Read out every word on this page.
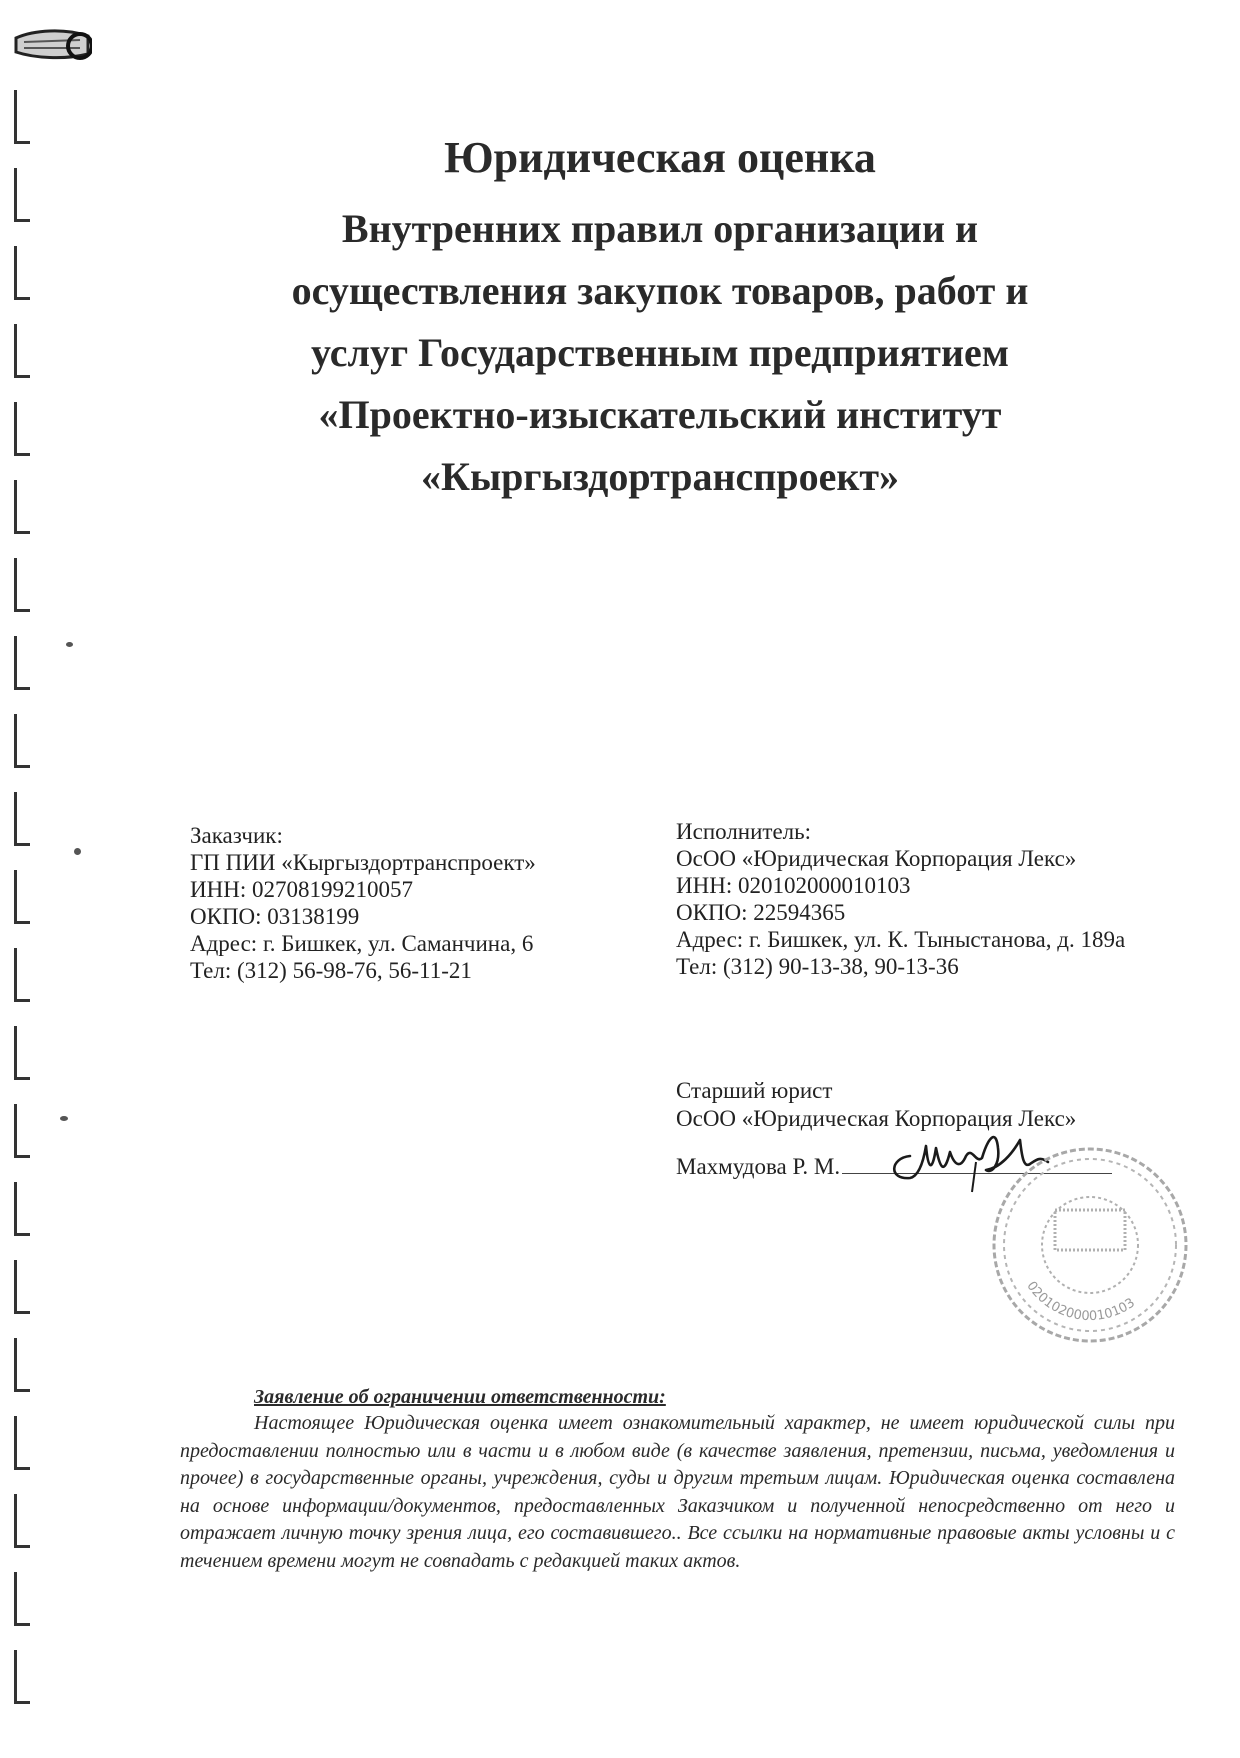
Юридическая оценка
Внутренних правил организации и
осуществления закупок товаров, работ и
услуг Государственным предприятием
«Проектно-изыскательский институт
«Кыргыздортранспроект»
Заказчик:
ГП ПИИ «Кыргыздортранспроект»
ИНН: 02708199210057
ОКПО: 03138199
Адрес: г. Бишкек, ул. Саманчина, 6
Тел: (312) 56-98-76, 56-11-21
Исполнитель:
ОсОО «Юридическая Корпорация Лекс»
ИНН: 020102000010103
ОКПО: 22594365
Адрес: г. Бишкек, ул. К. Тыныстанова, д. 189а
Тел: (312) 90-13-38, 90-13-36
Старший юрист
ОсОО «Юридическая Корпорация Лекс»
Махмудова Р. М.
020102000010103
Заявление об ограничении ответственности:
Настоящее Юридическая оценка имеет ознакомительный характер, не имеет юридической силы при предоставлении полностью или в части и в любом виде (в качестве заявления, претензии, письма, уведомления и прочее) в государственные органы, учреждения, суды и другим третьим лицам. Юридическая оценка составлена на основе информации/документов, предоставленных Заказчиком и полученной непосредственно от него и отражает личную точку зрения лица, его составившего.. Все ссылки на нормативные правовые акты условны и с течением времени могут не совпадать с редакцией таких актов.
